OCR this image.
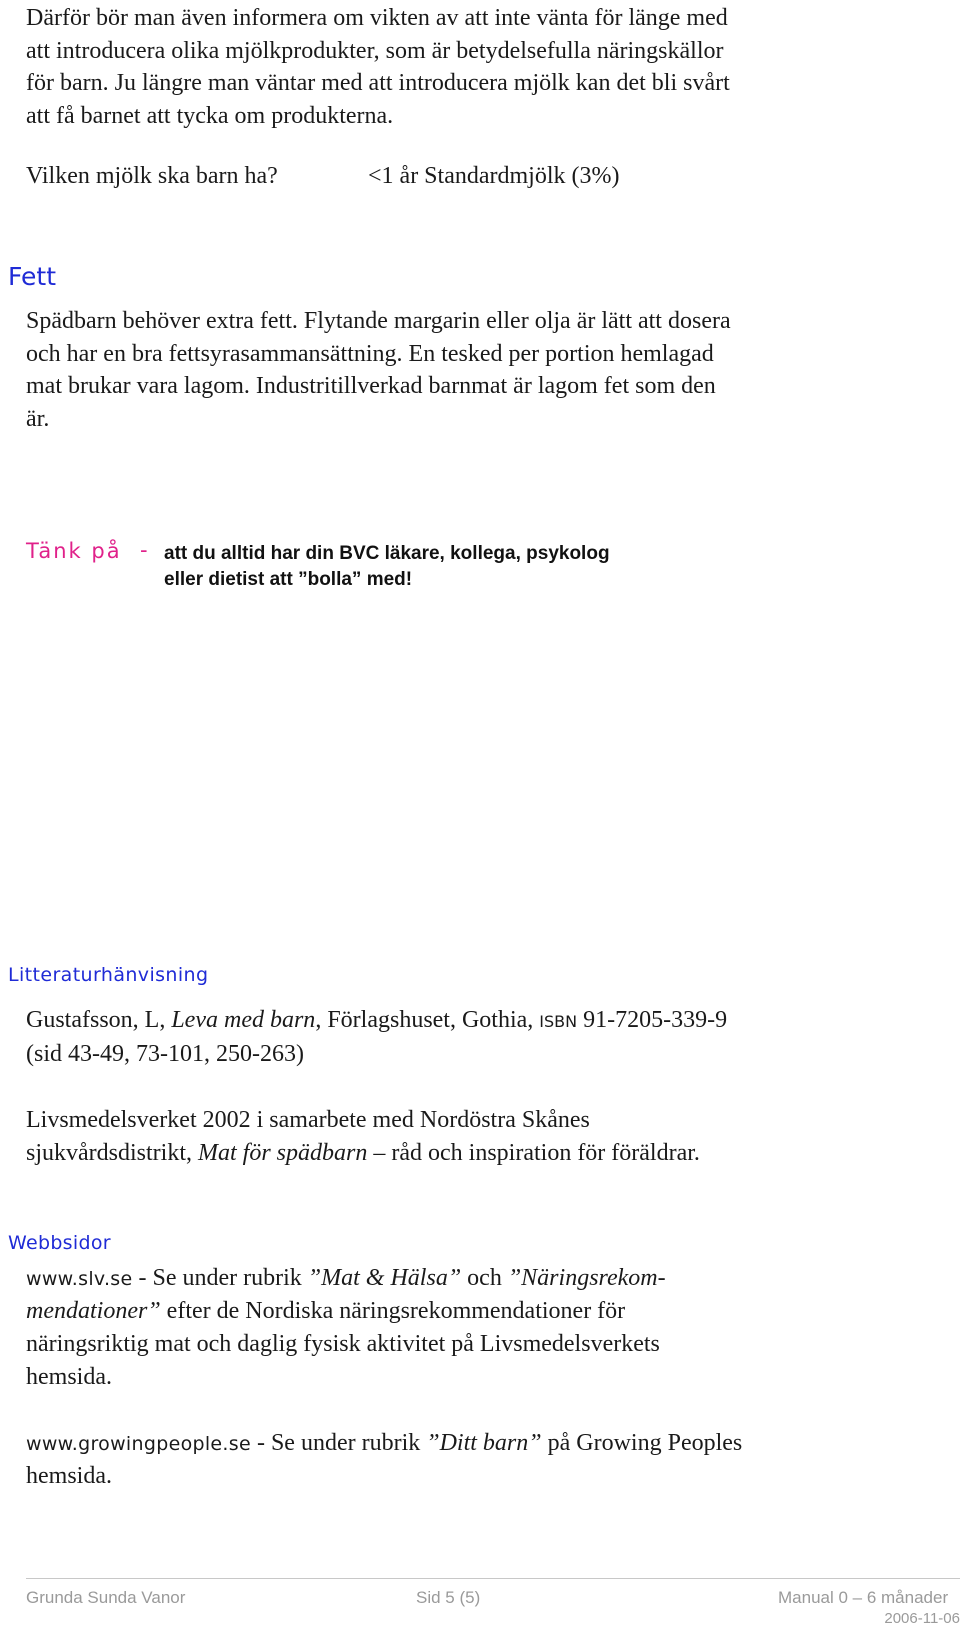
Därför bör man även informera om vikten av att inte vänta för länge med

att introducera olika mjölkprodukter, som är betydelsefulla näringskällor

för barn. Ju längre man väntar med att introducera mjölk kan det bli svårt

att få barnet att tycka om produkterna.

Vilken mjölk ska barn ha?	<1 år Standardmjölk (3%)
Fett

Spädbarn behöver extra fett. Flytande margarin eller olja är lätt att dosera

och har en bra fettsyrasammansättning. En tesked per portion hemlagad

mat brukar vara lagom. Industritillverkad barnmat är lagom fet som den

är.

Tänk på - att du alltid har din BVC läkare, kollega, psykolog
eller dietist att ”bolla” med!
Litteraturhänvisning
Gustafsson, L, Leva med barn, Förlagshuset, Gothia, ISBN 91-7205-339-9
(sid 43-49, 73-101, 250-263)
Livsmedelsverket 2002 i samarbete med Nordöstra Skånes
sjukvårdsdistrikt, Mat för spädbarn – råd och inspiration för föräldrar.
Webbsidor
www.slv.se - Se under rubrik ”Mat & Hälsa” och ”Näringsrekom-
mendationer” efter de Nordiska näringsrekommendationer för
näringsriktig mat och daglig fysisk aktivitet på Livsmedelsverkets
hemsida.
www.growingpeople.se - Se under rubrik ”Ditt barn” på Growing Peoples
hemsida.
Grunda Sunda Vanor	Sid 5 (5)	Manual 0 – 6 månader
2006-11-06
